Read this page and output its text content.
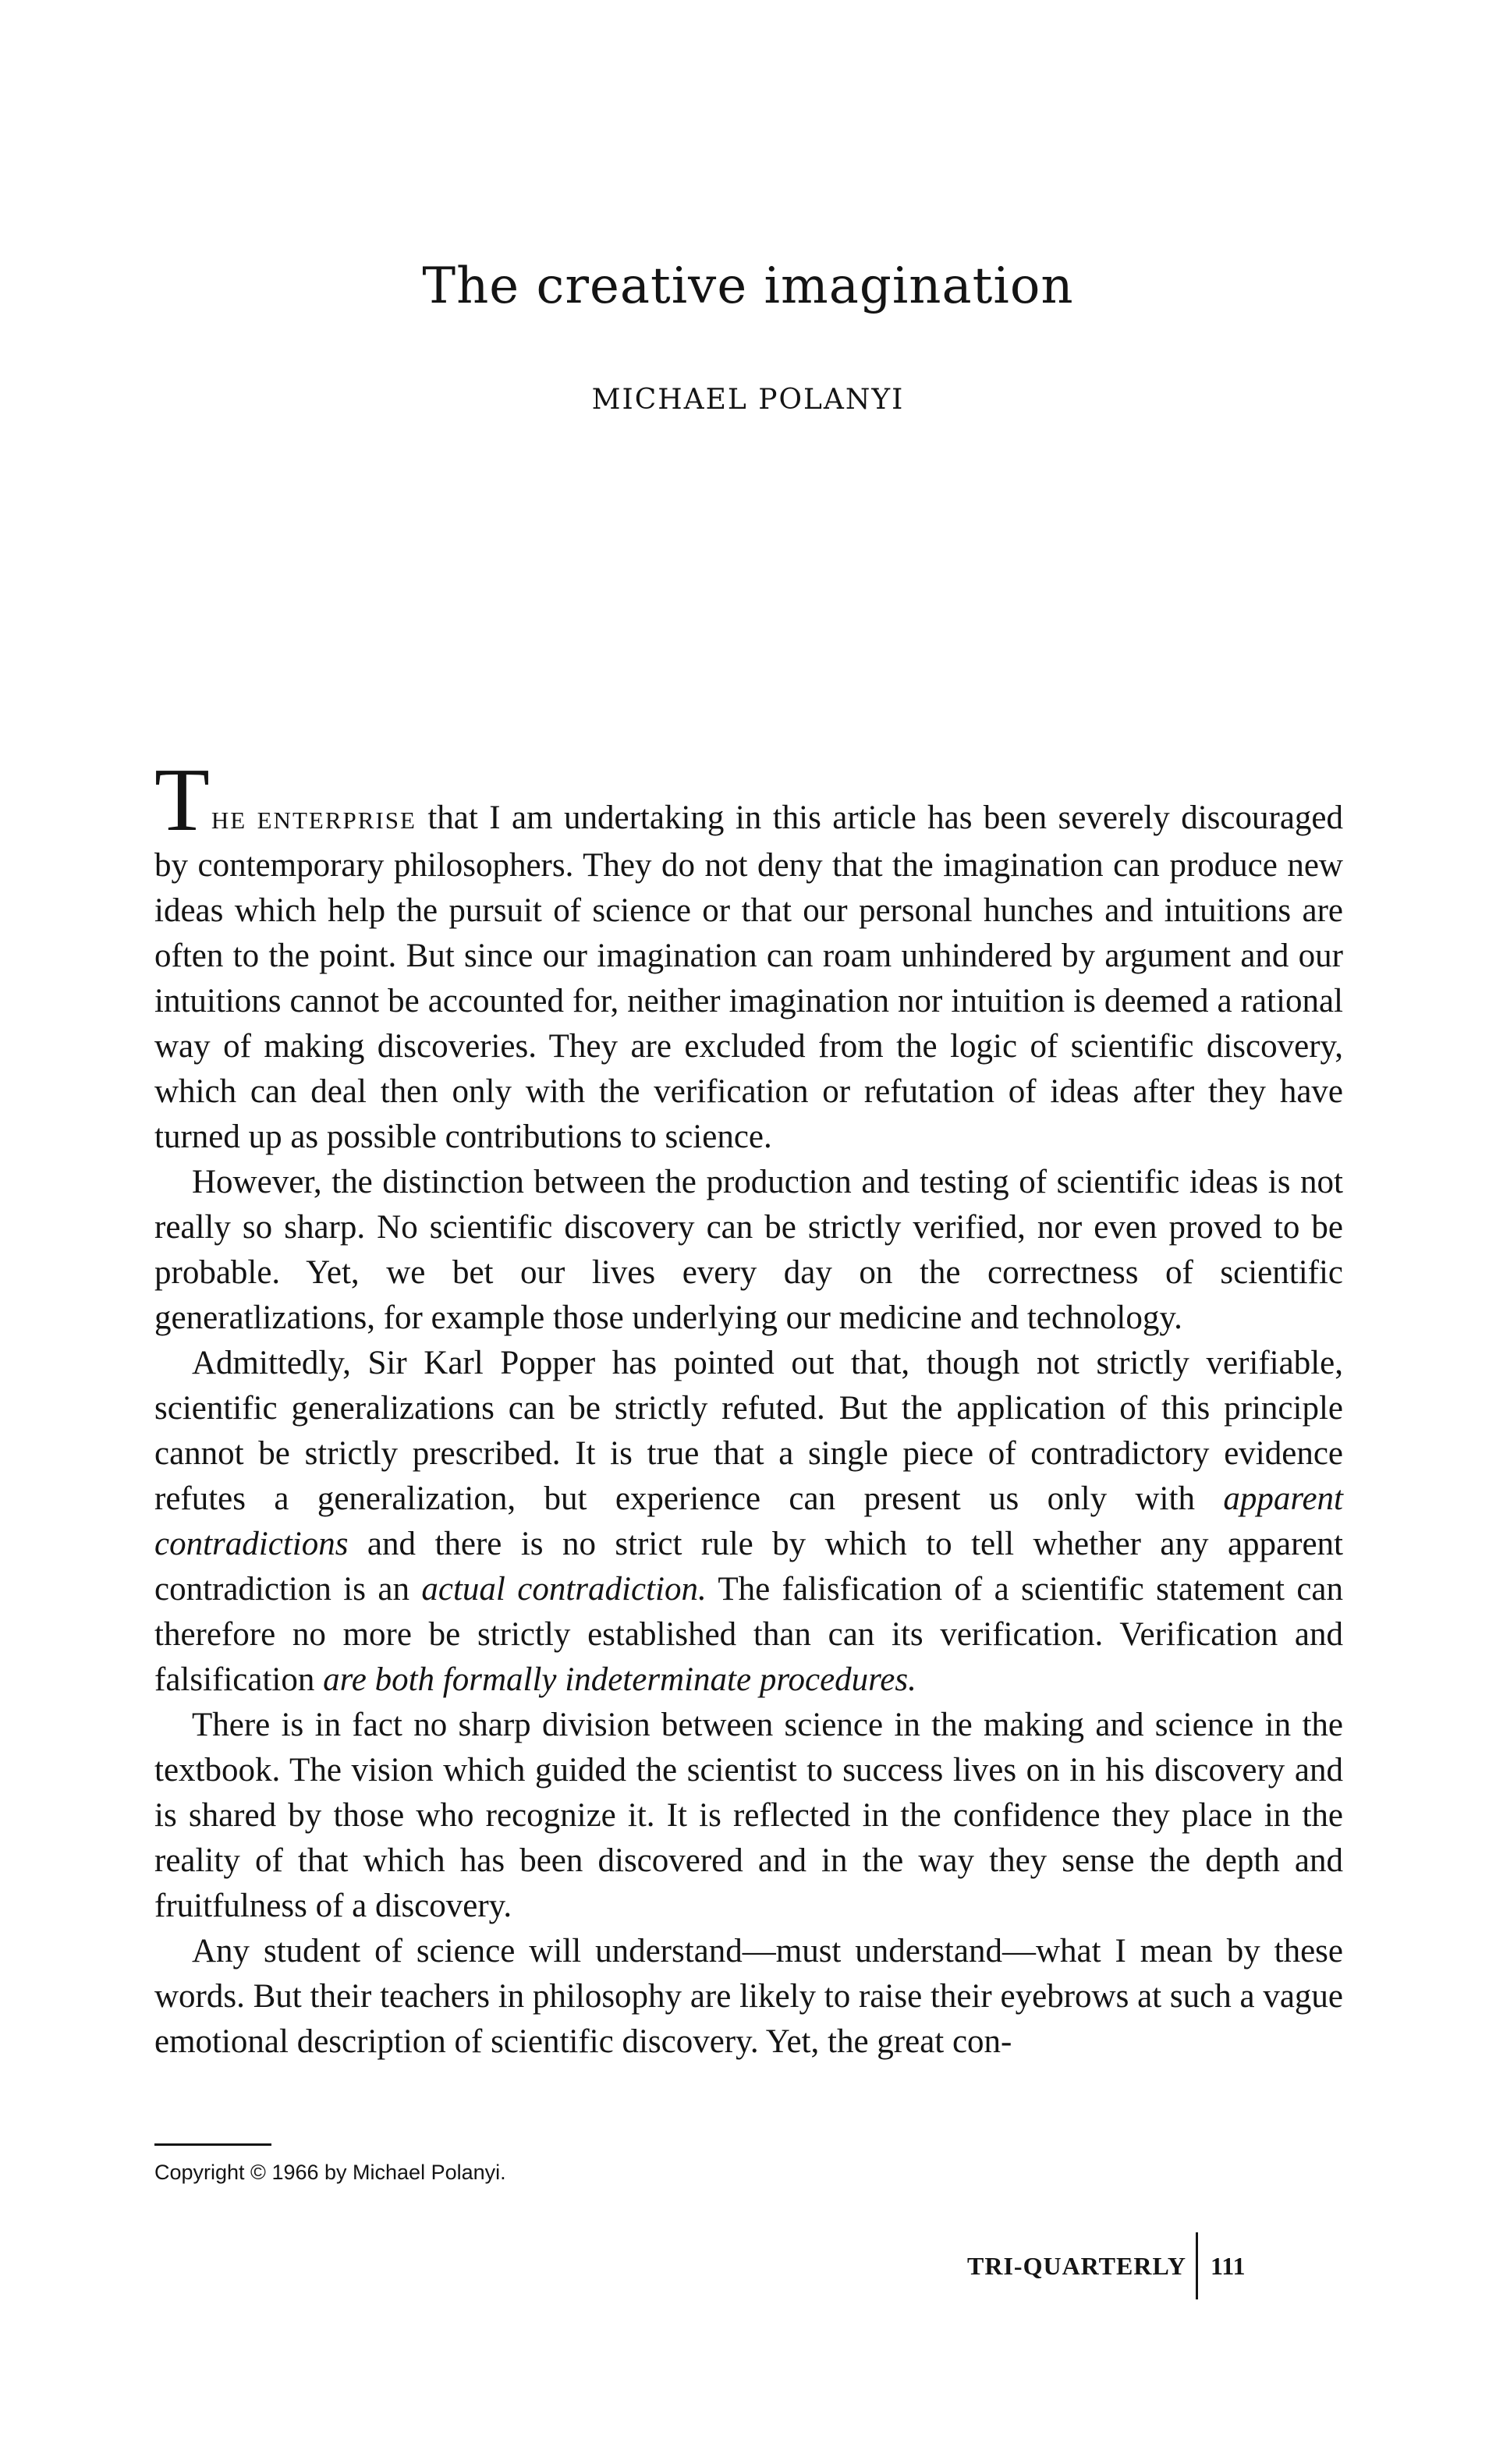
The creative imagination
MICHAEL POLANYI

THE ENTERPRISE that I am undertaking in this article has been severely discouraged by contemporary philosophers. They do not deny that the imagination can produce new ideas which help the pursuit of science or that our personal hunches and intuitions are often to the point. But since our imagination can roam unhindered by argument and our intuitions cannot be accounted for, neither imagination nor intuition is deemed a rational way of making discoveries. They are excluded from the logic of scientific discovery, which can deal then only with the verification or refutation of ideas after they have turned up as possible contributions to science.

However, the distinction between the production and testing of scientific ideas is not really so sharp. No scientific discovery can be strictly verified, nor even proved to be probable. Yet, we bet our lives every day on the correctness of scientific generatlizations, for example those underlying our medicine and technology.

Admittedly, Sir Karl Popper has pointed out that, though not strictly verifiable, scientific generalizations can be strictly refuted. But the application of this principle cannot be strictly prescribed. It is true that a single piece of contradictory evidence refutes a generalization, but experience can present us only with apparent contradictions and there is no strict rule by which to tell whether any apparent contradiction is an actual contradiction. The falisfication of a scientific statement can therefore no more be strictly established than can its verification. Verification and falsification are both formally indeterminate procedures.

There is in fact no sharp division between science in the making and science in the textbook. The vision which guided the scientist to success lives on in his discovery and is shared by those who recognize it. It is reflected in the confidence they place in the reality of that which has been discovered and in the way they sense the depth and fruitfulness of a discovery.

Any student of science will understand—must understand—what I mean by these words. But their teachers in philosophy are likely to raise their eyebrows at such a vague emotional description of scientific discovery. Yet, the great con-

Copyright © 1966 by Michael Polanyi.
TRI-QUARTERLY 111
